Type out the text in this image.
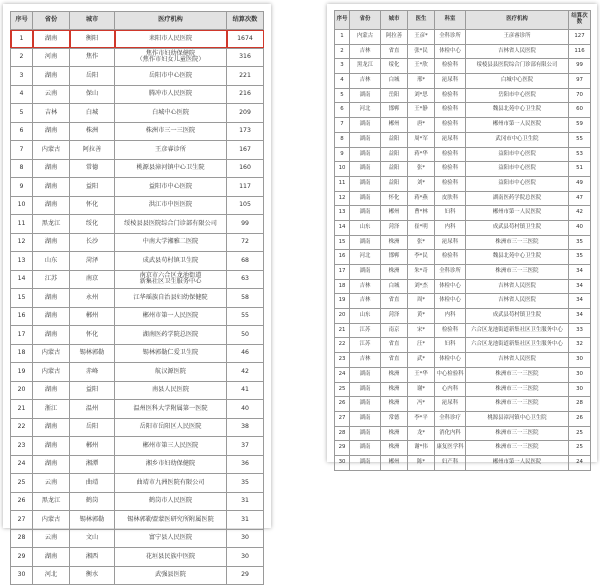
序号	省份	城市	医疗机构	结算次数
1	湖南	衡阳	耒阳市人民医院	1674
2	河南	焦作	焦作市妇幼保健院
（焦作市妇女儿童医院）	316
3	湖南	岳阳	岳阳市中心医院	221
4	云南	保山	腾冲市人民医院	216
5	吉林	白城	白城中心医院	209
6	湖南	株洲	株洲市三一三医院	173
7	内蒙古	阿拉善	王彦睿诊所	167
8	湖南	常德	桃源县漳河镇中心卫生院	160
9	湖南	益阳	益阳市中心医院	117
10	湖南	怀化	洪江市中医医院	105
11	黑龙江	绥化	绥棱县县医院综合门诊部有限公司	99
12	湖南	长沙	中南大学湘雅二医院	72
13	山东	菏泽	成武县苟村镇卫生院	68
14	江苏	南京	南京市六合区龙池街道
新集社区卫生服务中心	63
15	湖南	永州	江华瑶族自治县妇幼保健院	58
16	湖南	郴州	郴州市第一人民医院	55
17	湖南	怀化	湖南医药学院总医院	50
18	内蒙古	锡林郭勒	锡林郭勒仁爱卫生院	46
19	内蒙古	赤峰	航汉源医院	42
20	湖南	益阳	南县人民医院	41
21	浙江	温州	温州医科大学附属第一医院	40
22	湖南	岳阳	岳阳市岳阳区人民医院	38
23	湖南	郴州	郴州市第三人民医院	37
24	湖南	湘潭	湘乡市妇幼保健院	36
25	云南	曲靖	曲靖市九洲医院有限公司	35
26	黑龙江	鹤岗	鹤岗市人民医院	31
27	内蒙古	锡林郭勒	锡林郭勒盟蒙医研究所附属医院	31
28	云南	文山	富宁县人民医院	30
29	湖南	湘西	花垣县民族中医院	30
30	河北	衡水	武强县医院	29
序号	省份	城市	医生	科室	医疗机构	结算次数
1	内蒙古	阿拉善	王彦*	全科诊所	王彦睿诊所	127
2	吉林	省直	张*民	体检中心	吉林省人民医院	116
3	黑龙江	绥化	王*欣	检验科	绥棱县县医院综合门诊部有限公司	99
4	吉林	白城	邢*	泌尿科	白城中心医院	97
5	湖南	岳阳	刘*思	检验科	岳阳市中心医院	70
6	河北	邯郸	王*静	检验科	魏县北苑中心卫生院	60
7	湖南	郴州	唐*	检验科	郴州市第一人民医院	59
8	湖南	益阳	周*军	泌尿科	武冈市中心卫生院	55
9	湖南	益阳	蒋*华	检验科	益阳市中心医院	53
10	湖南	益阳	张*	检验科	益阳市中心医院	51
11	湖南	益阳	刘*	检验科	益阳市中心医院	49
12	湖南	怀化	蒋*燕	皮肤科	湖南医药学院总医院	47
13	湖南	郴州	曹*林	妇科	郴州市第一人民医院	42
14	山东	菏泽	崔*明	内科	成武县苟村镇卫生院	40
15	湖南	株洲	张*	泌尿科	株洲市三一三医院	35
16	河北	邯郸	李*民	检验科	魏县北苑中心卫生院	35
17	湖南	株洲	朱*奇	全科诊所	株洲市三一三医院	34
18	吉林	白城	刘*杰	体检中心	吉林省人民医院	34
19	吉林	省直	周*	体检中心	吉林省人民医院	34
20	山东	菏泽	黄*	内科	成武县苟村镇卫生院	34
21	江苏	南京	宋*	检验科	六合区龙池街道新集社区卫生服务中心	33
22	江苏	省直	汪*	妇科	六合区龙池街道新集社区卫生服务中心	32
23	吉林	省直	武*	体检中心	吉林省人民医院	30
24	湖南	株洲	王*华	中心检验科	株洲市三一三医院	30
25	湖南	株洲	谢*	心内科	株洲市三一三医院	30
26	湖南	株洲	冯*	泌尿科	株洲市三一三医院	28
27	湖南	常德	李*平	全科诊疗	桃源县漳河镇中心卫生院	26
28	湖南	株洲	龙*	消化内科	株洲市三一三医院	25
29	湖南	株洲	谢*伟	康复医学科	株洲市三一三医院	25
30	湖南	郴州	陈*	妇产科	郴州市第一人民医院	24
